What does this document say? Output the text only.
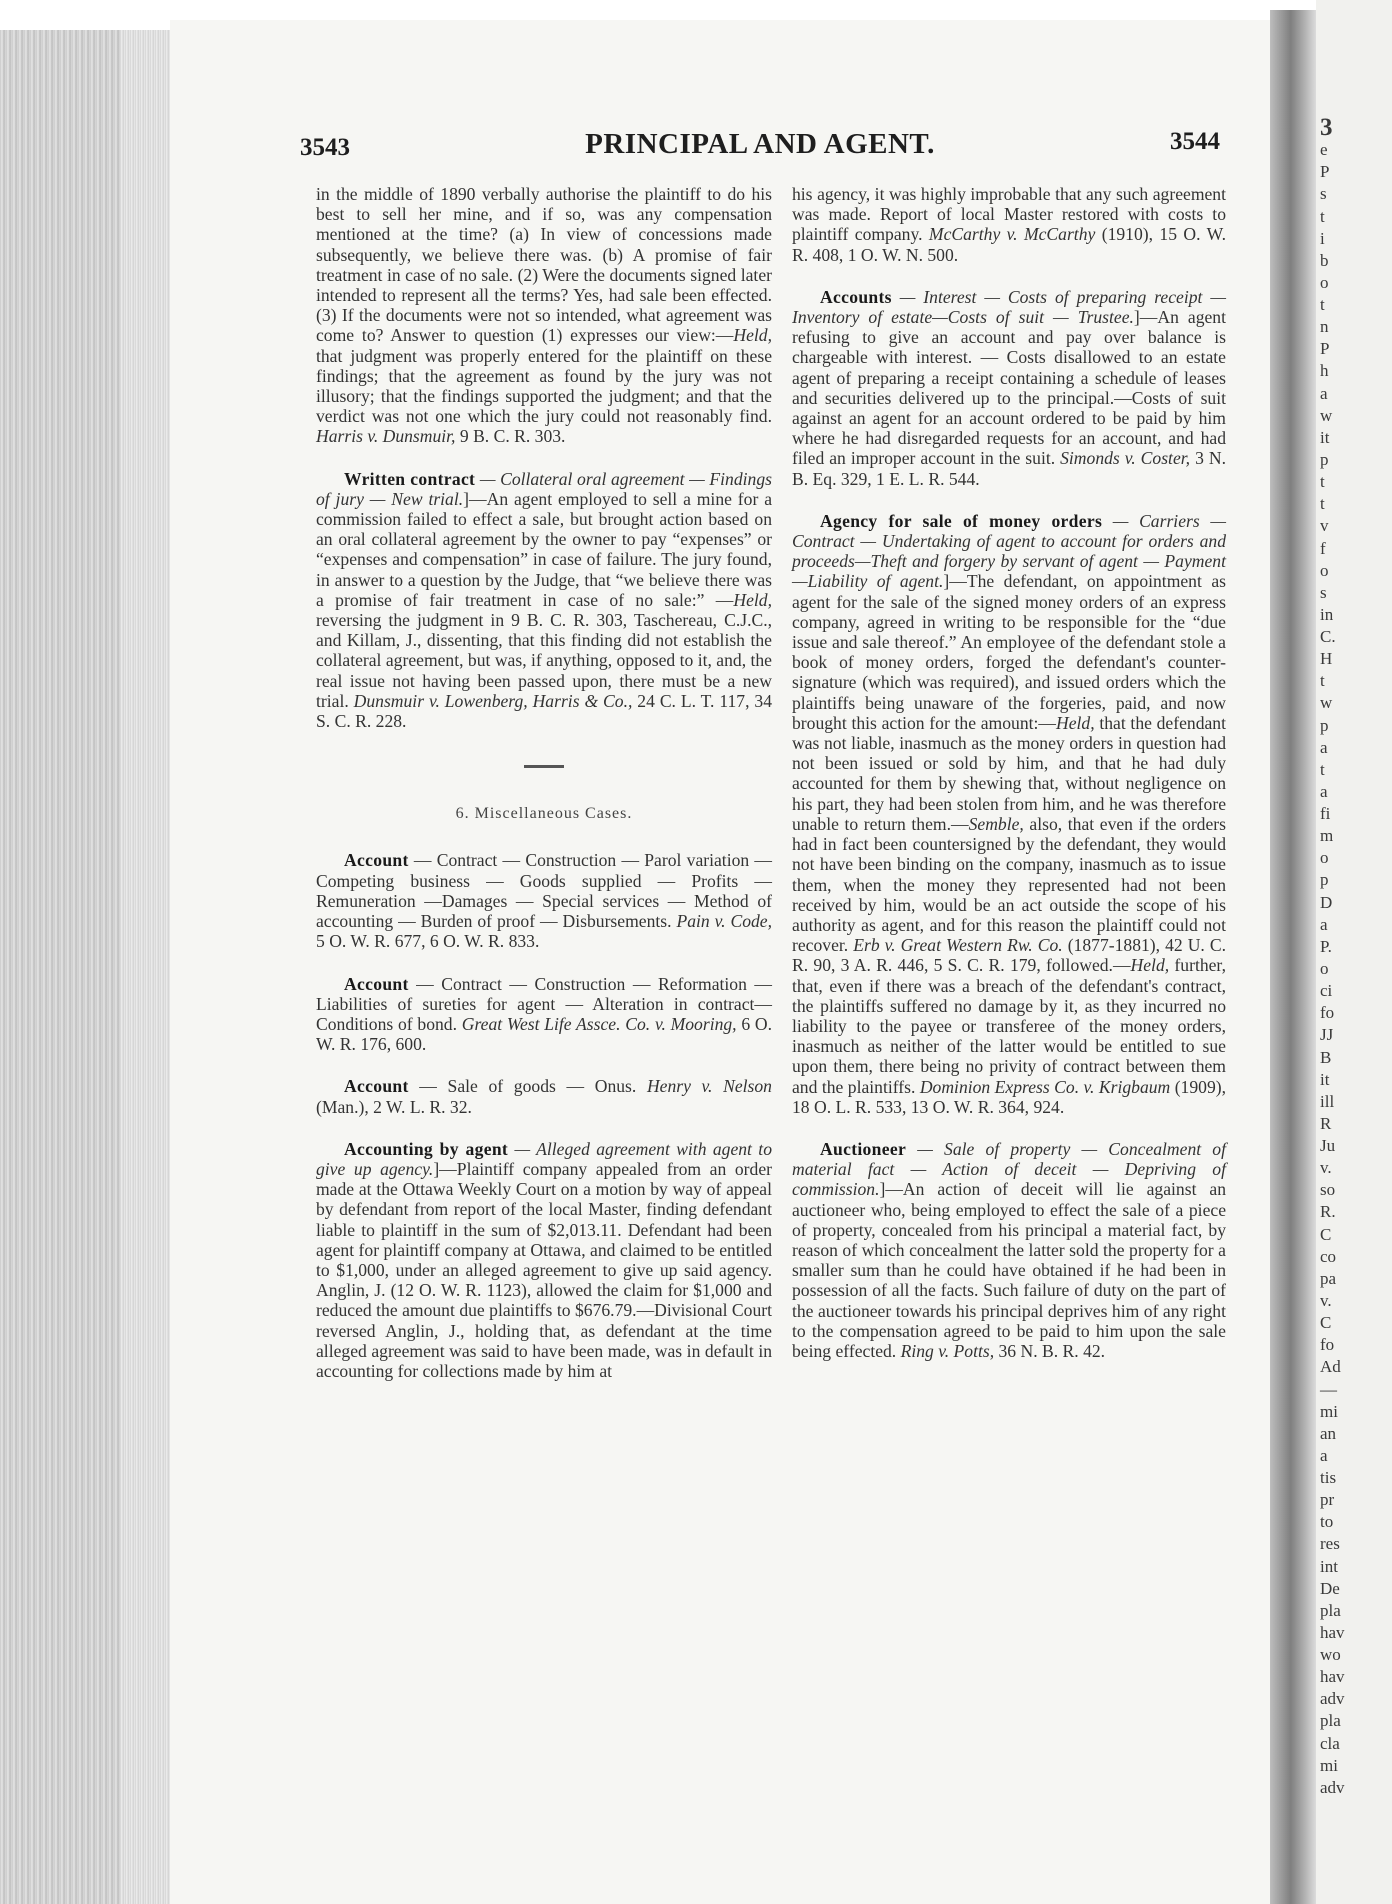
3
e
P
s
t
i
b
o
t
n
P
h
a
w
it
p
t
t
v
f
o
s
in
C.
H
t
w
p
a
t
a
fi
m
o
p
D
a
P.
o
ci
fo
JJ
B
it
ill
R
Ju
v.
so
R.
C
co
pa
v.
C
fo
Ad
—
mi
an
a
tis
pr
to
res
int
De
pla
hav
wo
hav
adv
pla
cla
mi
adv
3543	PRINCIPAL AND AGENT.	3544

in the middle of 1890 verbally authorise the plaintiff to do his best to sell her mine, and if so, was any compensation mentioned at the time? (a) In view of concessions made subsequently, we believe there was. (b) A promise of fair treatment in case of no sale. (2) Were the documents signed later intended to represent all the terms? Yes, had sale been effected. (3) If the documents were not so intended, what agreement was come to? Answer to question (1) expresses our view:—Held, that judgment was properly entered for the plaintiff on these findings; that the agreement as found by the jury was not illusory; that the findings supported the judgment; and that the verdict was not one which the jury could not reasonably find. Harris v. Dunsmuir, 9 B. C. R. 303.

Written contract — Collateral oral agreement — Findings of jury — New trial.]—An agent employed to sell a mine for a commission failed to effect a sale, but brought action based on an oral collateral agreement by the owner to pay “expenses” or “expenses and compensation” in case of failure. The jury found, in answer to a question by the Judge, that “we believe there was a promise of fair treatment in case of no sale:” —Held, reversing the judgment in 9 B. C. R. 303, Taschereau, C.J.C., and Killam, J., dissenting, that this finding did not establish the collateral agreement, but was, if anything, opposed to it, and, the real issue not having been passed upon, there must be a new trial. Dunsmuir v. Lowenberg, Harris & Co., 24 C. L. T. 117, 34 S. C. R. 228.

6. Miscellaneous Cases.

Account — Contract — Construction — Parol variation — Competing business — Goods supplied — Profits — Remuneration —Damages — Special services — Method of accounting — Burden of proof — Disbursements. Pain v. Code, 5 O. W. R. 677, 6 O. W. R. 833.

Account — Contract — Construction — Reformation — Liabilities of sureties for agent — Alteration in contract—Conditions of bond. Great West Life Assce. Co. v. Mooring, 6 O. W. R. 176, 600.

Account — Sale of goods — Onus. Henry v. Nelson (Man.), 2 W. L. R. 32.

Accounting by agent — Alleged agreement with agent to give up agency.]—Plaintiff company appealed from an order made at the Ottawa Weekly Court on a motion by way of appeal by defendant from report of the local Master, finding defendant liable to plaintiff in the sum of $2,013.11. Defendant had been agent for plaintiff company at Ottawa, and claimed to be entitled to $1,000, under an alleged agreement to give up said agency. Anglin, J. (12 O. W. R. 1123), allowed the claim for $1,000 and reduced the amount due plaintiffs to $676.79.—Divisional Court reversed Anglin, J., holding that, as defendant at the time alleged agreement was said to have been made, was in default in accounting for collections made by him at

his agency, it was highly improbable that any such agreement was made. Report of local Master restored with costs to plaintiff company. McCarthy v. McCarthy (1910), 15 O. W. R. 408, 1 O. W. N. 500.

Accounts — Interest — Costs of preparing receipt — Inventory of estate—Costs of suit — Trustee.]—An agent refusing to give an account and pay over balance is chargeable with interest. — Costs disallowed to an estate agent of preparing a receipt containing a schedule of leases and securities delivered up to the principal.—Costs of suit against an agent for an account ordered to be paid by him where he had disregarded requests for an account, and had filed an improper account in the suit. Simonds v. Coster, 3 N. B. Eq. 329, 1 E. L. R. 544.

Agency for sale of money orders — Carriers — Contract — Undertaking of agent to account for orders and proceeds—Theft and forgery by servant of agent — Payment —Liability of agent.]—The defendant, on appointment as agent for the sale of the signed money orders of an express company, agreed in writing to be responsible for the “due issue and sale thereof.” An employee of the defendant stole a book of money orders, forged the defendant's counter-signature (which was required), and issued orders which the plaintiffs being unaware of the forgeries, paid, and now brought this action for the amount:—Held, that the defendant was not liable, inasmuch as the money orders in question had not been issued or sold by him, and that he had duly accounted for them by shewing that, without negligence on his part, they had been stolen from him, and he was therefore unable to return them.—Semble, also, that even if the orders had in fact been countersigned by the defendant, they would not have been binding on the company, inasmuch as to issue them, when the money they represented had not been received by him, would be an act outside the scope of his authority as agent, and for this reason the plaintiff could not recover. Erb v. Great Western Rw. Co. (1877-1881), 42 U. C. R. 90, 3 A. R. 446, 5 S. C. R. 179, followed.—Held, further, that, even if there was a breach of the defendant's contract, the plaintiffs suffered no damage by it, as they incurred no liability to the payee or transferee of the money orders, inasmuch as neither of the latter would be entitled to sue upon them, there being no privity of contract between them and the plaintiffs. Dominion Express Co. v. Krigbaum (1909), 18 O. L. R. 533, 13 O. W. R. 364, 924.

Auctioneer — Sale of property — Concealment of material fact — Action of deceit — Depriving of commission.]—An action of deceit will lie against an auctioneer who, being employed to effect the sale of a piece of property, concealed from his principal a material fact, by reason of which concealment the latter sold the property for a smaller sum than he could have obtained if he had been in possession of all the facts. Such failure of duty on the part of the auctioneer towards his principal deprives him of any right to the compensation agreed to be paid to him upon the sale being effected. Ring v. Potts, 36 N. B. R. 42.
